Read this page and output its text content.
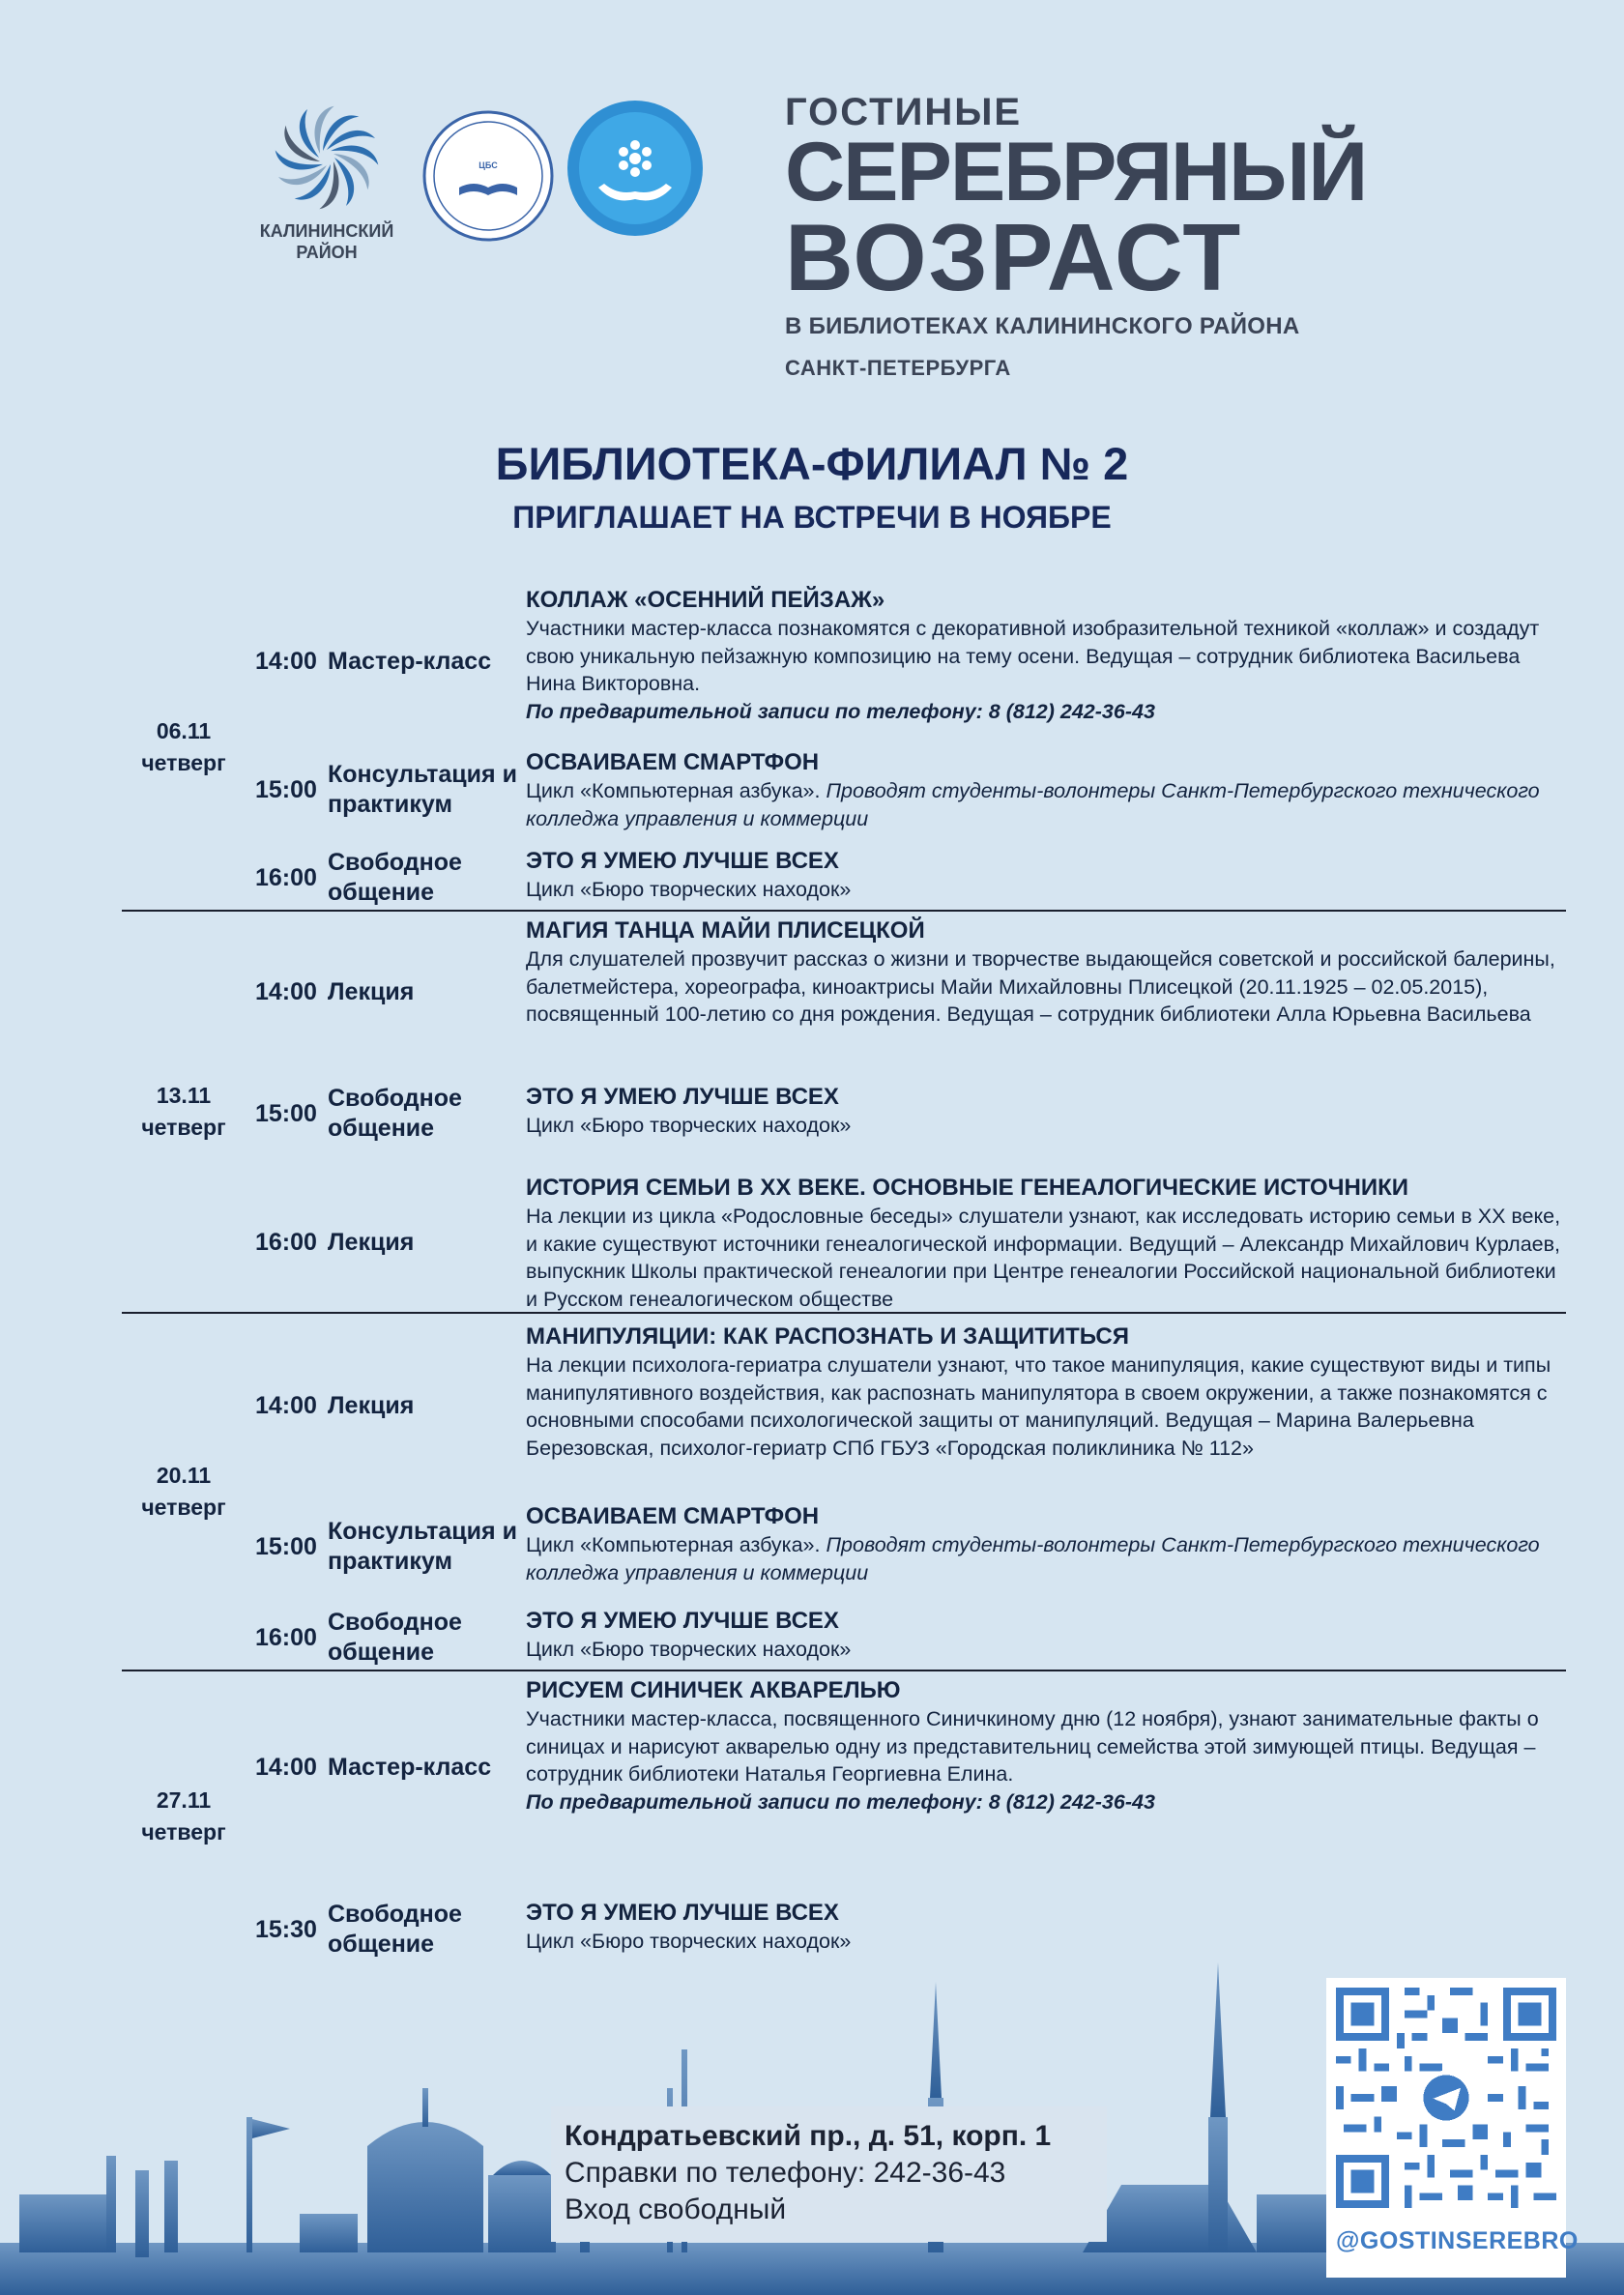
КАЛИНИНСКИЙ
РАЙОН
ЦБС
ГОСТИНЫЕ
СЕРЕБРЯНЫЙ
ВОЗРАСТ
В БИБЛИОТЕКАХ КАЛИНИНСКОГО РАЙОНА
САНКТ-ПЕТЕРБУРГА
БИБЛИОТЕКА-ФИЛИАЛ № 2
ПРИГЛАШАЕТ НА ВСТРЕЧИ В НОЯБРЕ
06.11
четверг
14:00 Мастер-класс
КОЛЛАЖ «ОСЕННИЙ ПЕЙЗАЖ»
Участники мастер-класса познакомятся с декоративной изобразительной техникой «коллаж» и создадут свою уникальную пейзажную композицию на тему осени. Ведущая – сотрудник библиотека Васильева Нина Викторовна.
По предварительной записи по телефону: 8 (812) 242-36-43
15:00
Консультация и практикум
ОСВАИВАЕМ СМАРТФОН
Цикл «Компьютерная азбука». Проводят студенты-волонтеры Санкт-Петербургского технического колледжа управления и коммерции
16:00
Свободное общение
ЭТО Я УМЕЮ ЛУЧШЕ ВСЕХ
Цикл «Бюро творческих находок»
13.11
четверг
14:00 Лекция
МАГИЯ ТАНЦА МАЙИ ПЛИСЕЦКОЙ
Для слушателей прозвучит рассказ о жизни и творчестве выдающейся советской и российской балерины, балетмейстера, хореографа, киноактрисы Майи Михайловны Плисецкой (20.11.1925 – 02.05.2015), посвященный 100-летию со дня рождения. Ведущая – сотрудник библиотеки Алла Юрьевна Васильева
15:00
Свободное общение
ЭТО Я УМЕЮ ЛУЧШЕ ВСЕХ
Цикл «Бюро творческих находок»
16:00 Лекция
ИСТОРИЯ СЕМЬИ В XX ВЕКЕ. ОСНОВНЫЕ ГЕНЕАЛОГИЧЕСКИЕ ИСТОЧНИКИ
На лекции из цикла «Родословные беседы» слушатели узнают, как исследовать историю семьи в XX веке, и какие существуют источники генеалогической информации. Ведущий – Александр Михайлович Курлаев, выпускник Школы практической генеалогии при Центре генеалогии Российской национальной библиотеки и Русском генеалогическом обществе
20.11
четверг
14:00 Лекция
МАНИПУЛЯЦИИ: КАК РАСПОЗНАТЬ И ЗАЩИТИТЬСЯ
На лекции психолога-гериатра слушатели узнают, что такое манипуляция, какие существуют виды и типы манипулятивного воздействия, как распознать манипулятора в своем окружении, а также познакомятся с основными способами психологической защиты от манипуляций. Ведущая – Марина Валерьевна Березовская, психолог-гериатр СПб ГБУЗ «Городская поликлиника № 112»
15:00
Консультация и практикум
ОСВАИВАЕМ СМАРТФОН
Цикл «Компьютерная азбука». Проводят студенты-волонтеры Санкт-Петербургского технического колледжа управления и коммерции
16:00
Свободное общение
ЭТО Я УМЕЮ ЛУЧШЕ ВСЕХ
Цикл «Бюро творческих находок»
27.11
четверг
14:00 Мастер-класс
РИСУЕМ СИНИЧЕК АКВАРЕЛЬЮ
Участники мастер-класса, посвященного Синичкиному дню (12 ноября), узнают занимательные факты о синицах и нарисуют акварелью одну из представительниц семейства этой зимующей птицы. Ведущая – сотрудник библиотеки Наталья Георгиевна Елина.
По предварительной записи по телефону: 8 (812) 242-36-43
15:30
Свободное общение
ЭТО Я УМЕЮ ЛУЧШЕ ВСЕХ
Цикл «Бюро творческих находок»
Кондратьевский пр., д. 51, корп. 1
Справки по телефону: 242-36-43
Вход свободный
@GOSTINSEREBRO
